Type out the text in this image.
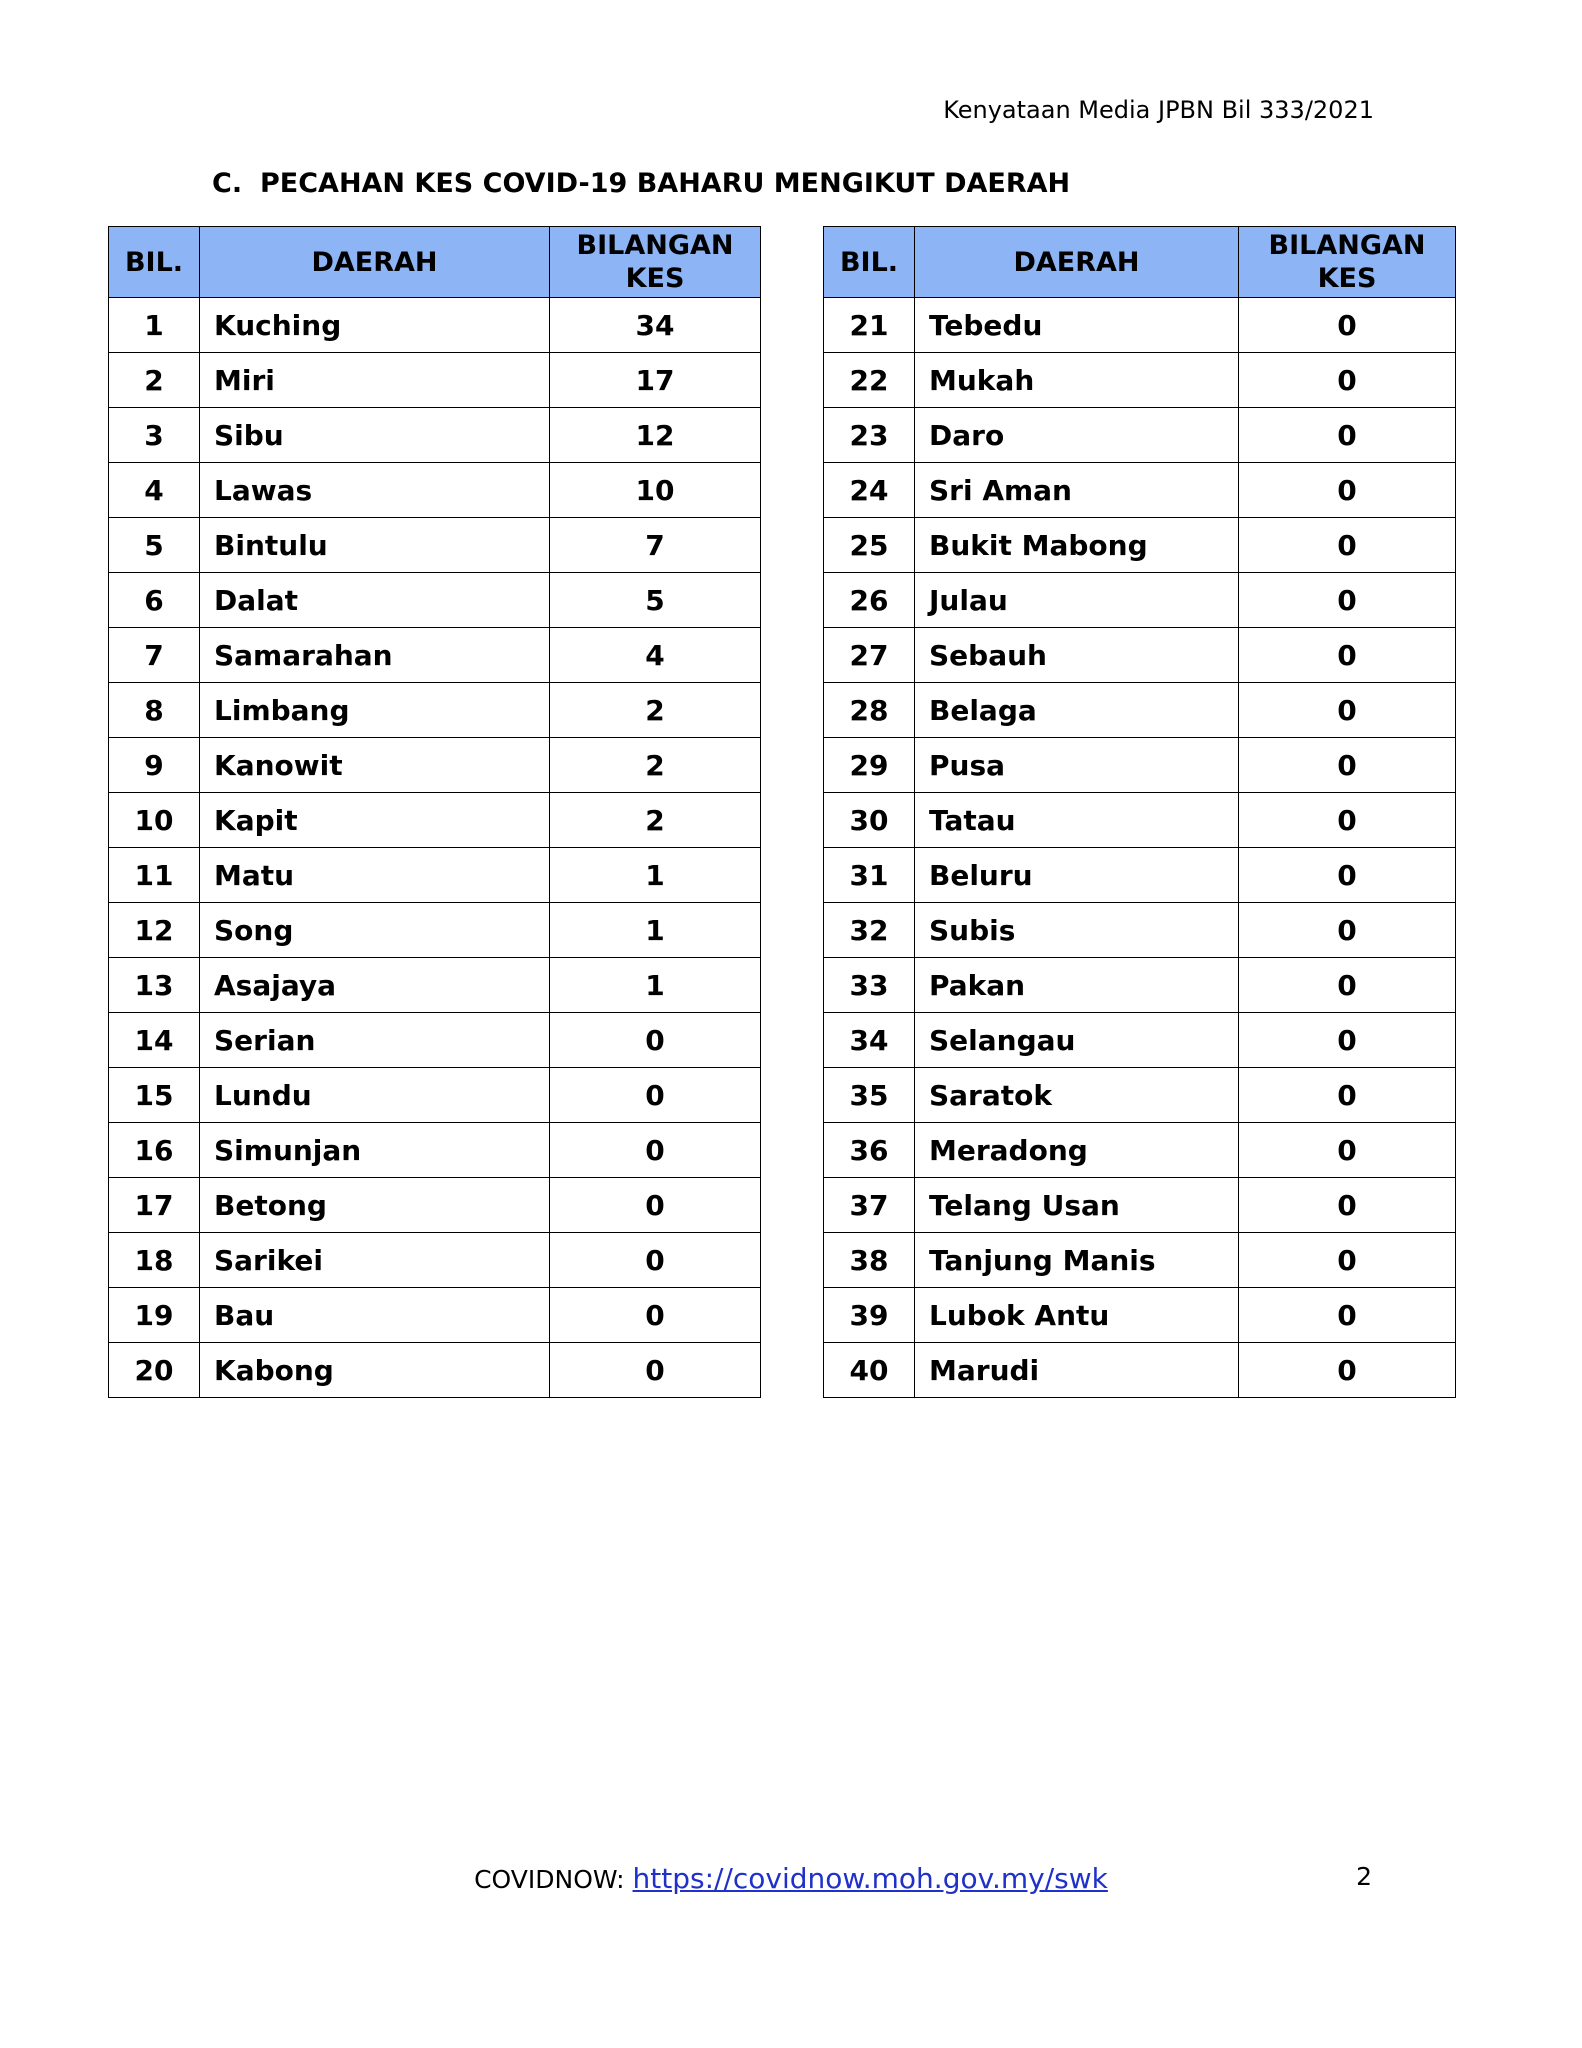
Kenyataan Media JPBN Bil 333/2021
C. PECAHAN KES COVID-19 BAHARU MENGIKUT DAERAH
BIL.	DAERAH	BILANGAN
KES
1	Kuching	34
2	Miri	17
3	Sibu	12
4	Lawas	10
5	Bintulu	7
6	Dalat	5
7	Samarahan	4
8	Limbang	2
9	Kanowit	2
10	Kapit	2
11	Matu	1
12	Song	1
13	Asajaya	1
14	Serian	0
15	Lundu	0
16	Simunjan	0
17	Betong	0
18	Sarikei	0
19	Bau	0
20	Kabong	0
BIL.	DAERAH	BILANGAN
KES
21	Tebedu	0
22	Mukah	0
23	Daro	0
24	Sri Aman	0
25	Bukit Mabong	0
26	Julau	0
27	Sebauh	0
28	Belaga	0
29	Pusa	0
30	Tatau	0
31	Beluru	0
32	Subis	0
33	Pakan	0
34	Selangau	0
35	Saratok	0
36	Meradong	0
37	Telang Usan	0
38	Tanjung Manis	0
39	Lubok Antu	0
40	Marudi	0
COVIDNOW: https://covidnow.moh.gov.my/swk	2
